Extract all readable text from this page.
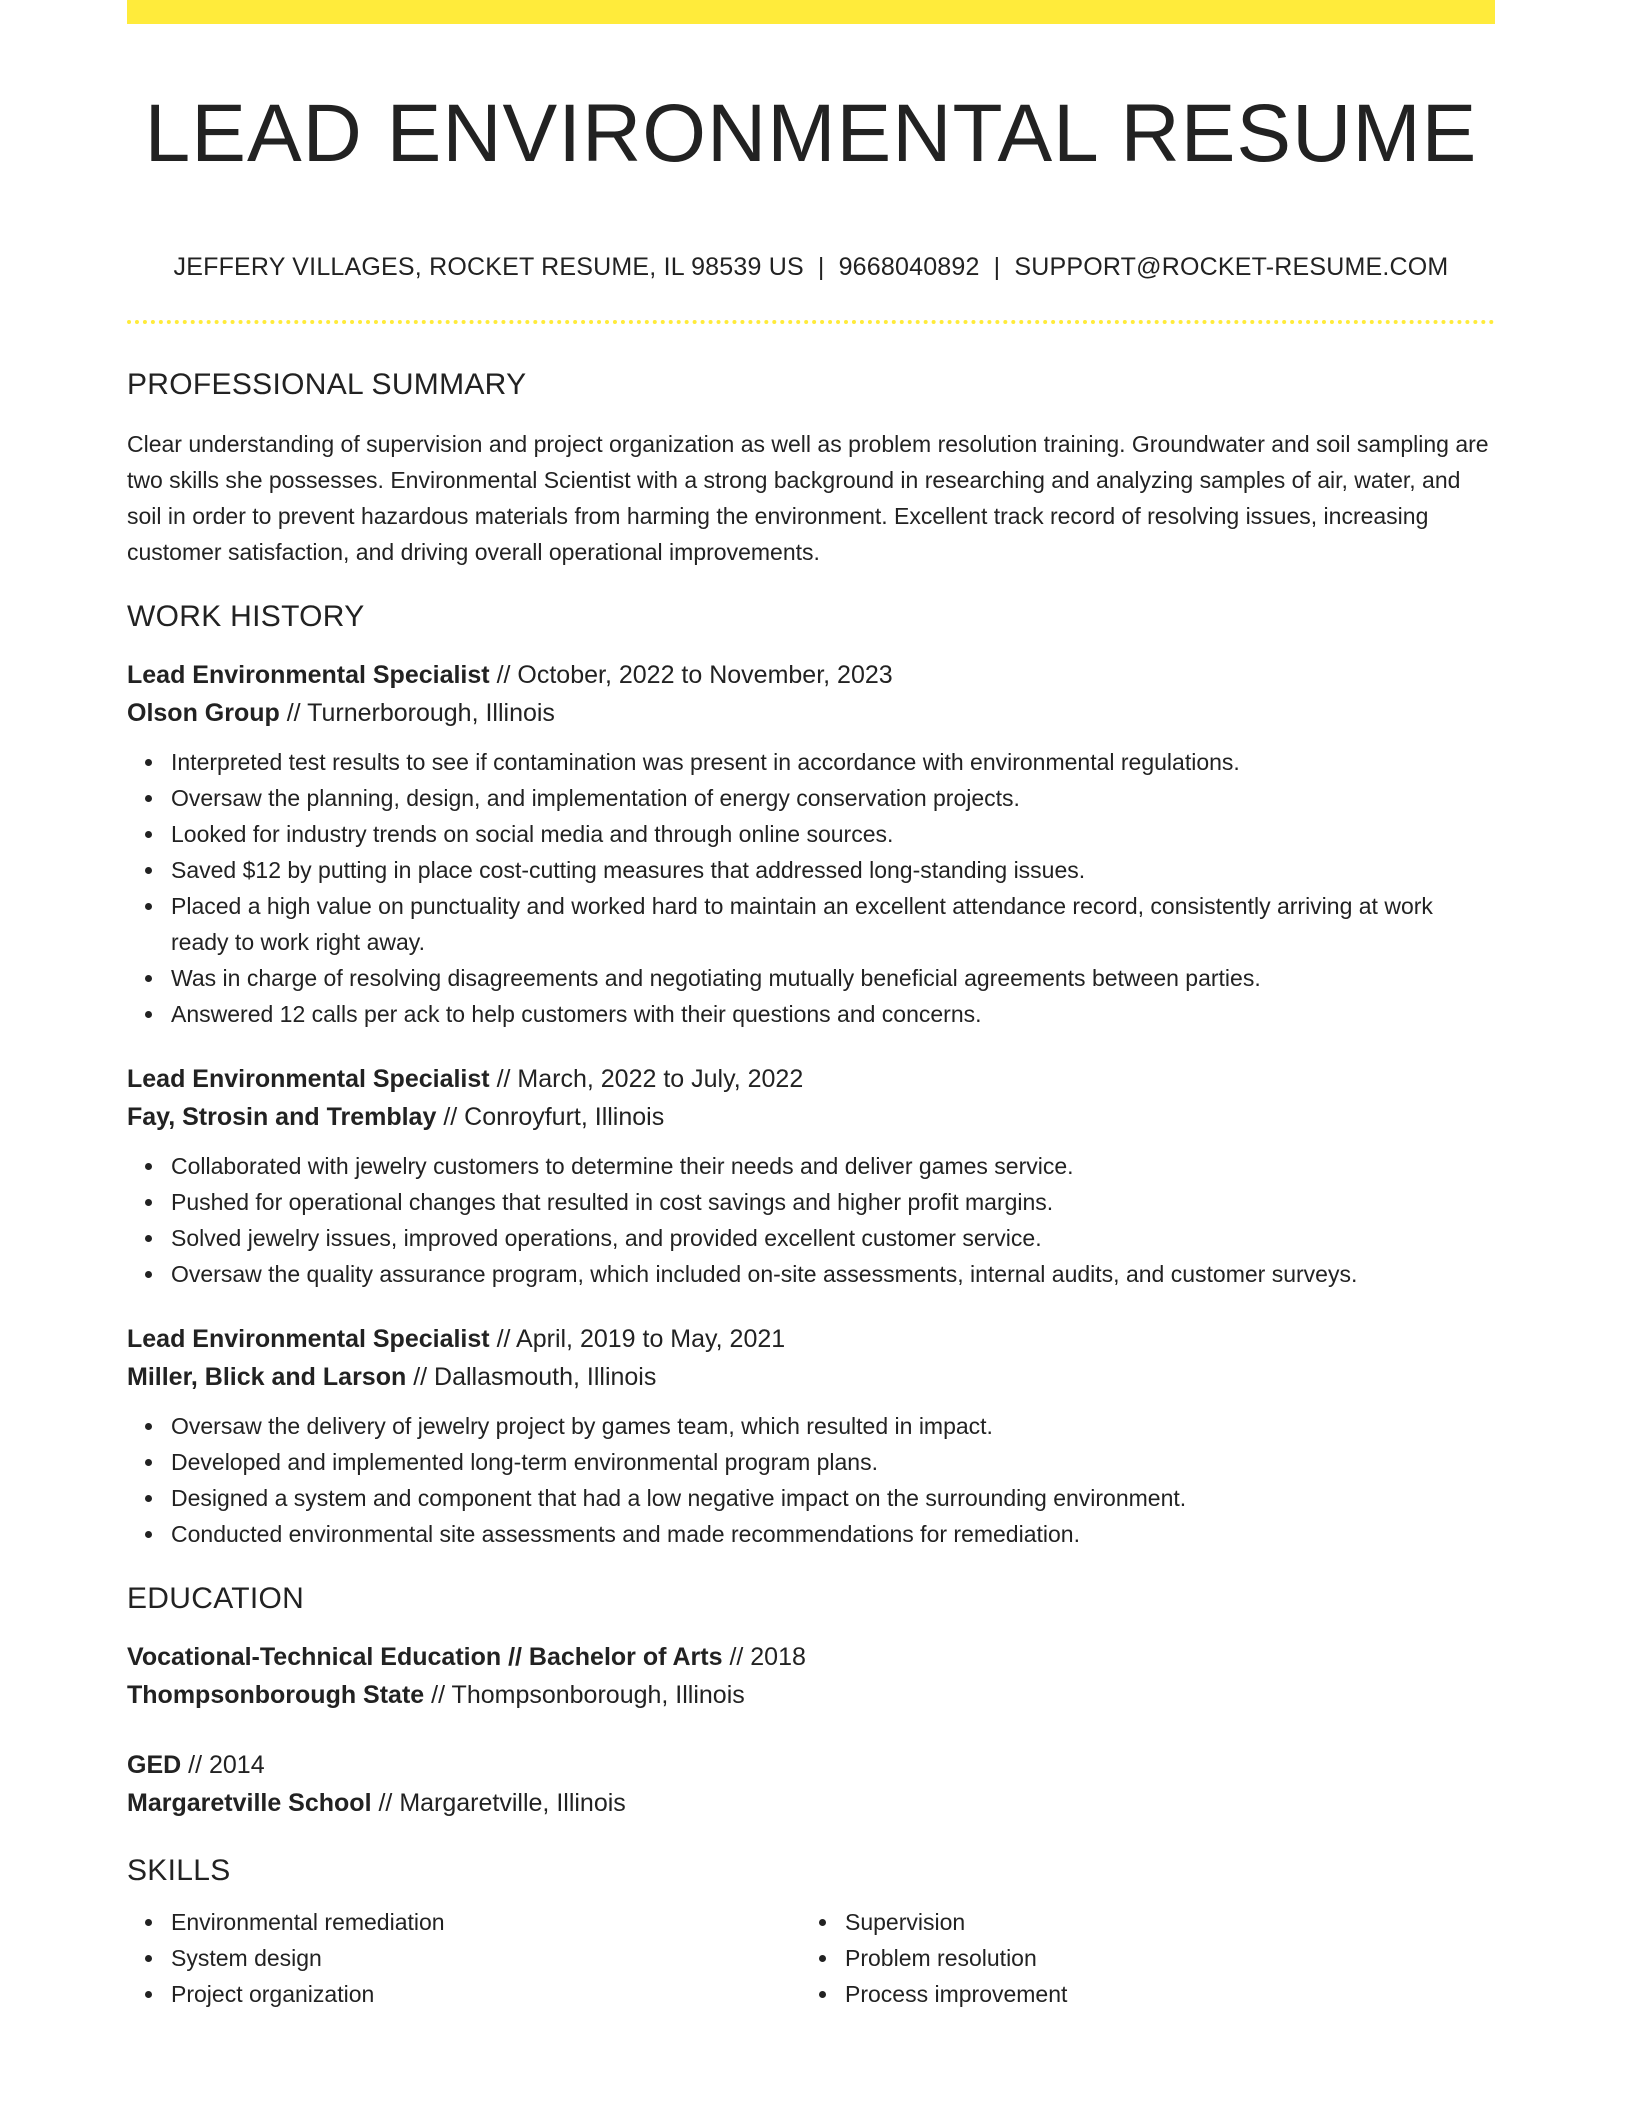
LEAD ENVIRONMENTAL RESUME
JEFFERY VILLAGES, ROCKET RESUME, IL 98539 US | 9668040892 | SUPPORT@ROCKET-RESUME.COM
PROFESSIONAL SUMMARY
Clear understanding of supervision and project organization as well as problem resolution training. Groundwater and soil sampling are two skills she possesses. Environmental Scientist with a strong background in researching and analyzing samples of air, water, and soil in order to prevent hazardous materials from harming the environment. Excellent track record of resolving issues, increasing customer satisfaction, and driving overall operational improvements.
WORK HISTORY
Lead Environmental Specialist // October, 2022 to November, 2023
Olson Group // Turnerborough, Illinois
Interpreted test results to see if contamination was present in accordance with environmental regulations.
Oversaw the planning, design, and implementation of energy conservation projects.
Looked for industry trends on social media and through online sources.
Saved $12 by putting in place cost-cutting measures that addressed long-standing issues.
Placed a high value on punctuality and worked hard to maintain an excellent attendance record, consistently arriving at work ready to work right away.
Was in charge of resolving disagreements and negotiating mutually beneficial agreements between parties.
Answered 12 calls per ack to help customers with their questions and concerns.
Lead Environmental Specialist // March, 2022 to July, 2022
Fay, Strosin and Tremblay // Conroyfurt, Illinois
Collaborated with jewelry customers to determine their needs and deliver games service.
Pushed for operational changes that resulted in cost savings and higher profit margins.
Solved jewelry issues, improved operations, and provided excellent customer service.
Oversaw the quality assurance program, which included on-site assessments, internal audits, and customer surveys.
Lead Environmental Specialist // April, 2019 to May, 2021
Miller, Blick and Larson // Dallasmouth, Illinois
Oversaw the delivery of jewelry project by games team, which resulted in impact.
Developed and implemented long-term environmental program plans.
Designed a system and component that had a low negative impact on the surrounding environment.
Conducted environmental site assessments and made recommendations for remediation.
EDUCATION
Vocational-Technical Education // Bachelor of Arts // 2018
Thompsonborough State // Thompsonborough, Illinois
GED // 2014
Margaretville School // Margaretville, Illinois
SKILLS
Environmental remediation
System design
Project organization
Supervision
Problem resolution
Process improvement
